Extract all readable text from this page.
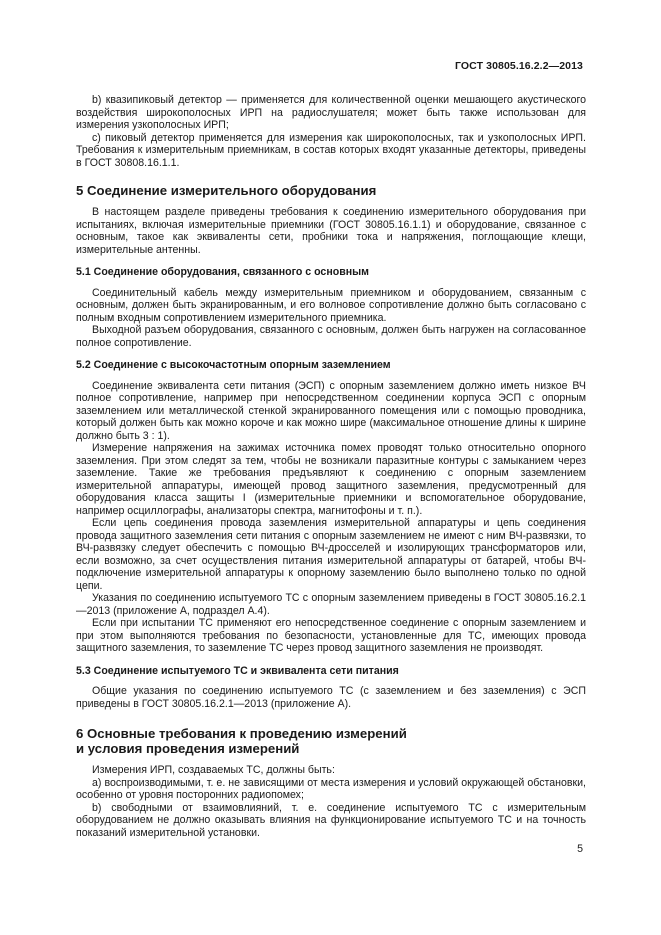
ГОСТ 30805.16.2.2—2013

b) квазипиковый детектор — применяется для количественной оценки мешающего акустического воздействия широкополосных ИРП на радиослушателя; может быть также использован для измерения узкополосных ИРП;

c) пиковый детектор применяется для измерения как широкополосных, так и узкополосных ИРП. Требования к измерительным приемникам, в состав которых входят указанные детекторы, приведены в ГОСТ 30808.16.1.1.

5 Соединение измерительного оборудования

В настоящем разделе приведены требования к соединению измерительного оборудования при испытаниях, включая измерительные приемники (ГОСТ 30805.16.1.1) и оборудование, связанное с основным, такое как эквиваленты сети, пробники тока и напряжения, поглощающие клещи, измерительные антенны.

5.1 Соединение оборудования, связанного с основным

Соединительный кабель между измерительным приемником и оборудованием, связанным с основным, должен быть экранированным, и его волновое сопротивление должно быть согласовано с полным входным сопротивлением измерительного приемника.

Выходной разъем оборудования, связанного с основным, должен быть нагружен на согласованное полное сопротивление.

5.2 Соединение с высокочастотным опорным заземлением

Соединение эквивалента сети питания (ЭСП) с опорным заземлением должно иметь низкое ВЧ полное сопротивление, например при непосредственном соединении корпуса ЭСП с опорным заземлением или металлической стенкой экранированного помещения или с помощью проводника, который должен быть как можно короче и как можно шире (максимальное отношение длины к ширине должно быть 3 : 1).

Измерение напряжения на зажимах источника помех проводят только относительно опорного заземления. При этом следят за тем, чтобы не возникали паразитные контуры с замыканием через заземление. Такие же требования предъявляют к соединению с опорным заземлением измерительной аппаратуры, имеющей провод защитного заземления, предусмотренный для оборудования класса защиты I (измерительные приемники и вспомогательное оборудование, например осциллографы, анализаторы спектра, магнитофоны и т. п.).

Если цепь соединения провода заземления измерительной аппаратуры и цепь соединения провода защитного заземления сети питания с опорным заземлением не имеют с ним ВЧ-развязки, то ВЧ-развязку следует обеспечить с помощью ВЧ-дросселей и изолирующих трансформаторов или, если возможно, за счет осуществления питания измерительной аппаратуры от батарей, чтобы ВЧ-подключение измерительной аппаратуры к опорному заземлению было выполнено только по одной цепи.

Указания по соединению испытуемого ТС с опорным заземлением приведены в ГОСТ 30805.16.2.1—2013 (приложение А, подраздел А.4).

Если при испытании ТС применяют его непосредственное соединение с опорным заземлением и при этом выполняются требования по безопасности, установленные для ТС, имеющих провода защитного заземления, то заземление ТС через провод защитного заземления не производят.

5.3 Соединение испытуемого ТС и эквивалента сети питания

Общие указания по соединению испытуемого ТС (с заземлением и без заземления) с ЭСП приведены в ГОСТ 30805.16.2.1—2013 (приложение А).

6 Основные требования к проведению измерений
и условия проведения измерений

Измерения ИРП, создаваемых ТС, должны быть:

а) воспроизводимыми, т. е. не зависящими от места измерения и условий окружающей обстановки, особенно от уровня посторонних радиопомех;

b) свободными от взаимовлияний, т. е. соединение испытуемого ТС с измерительным оборудованием не должно оказывать влияния на функционирование испытуемого ТС и на точность показаний измерительной установки.

5
